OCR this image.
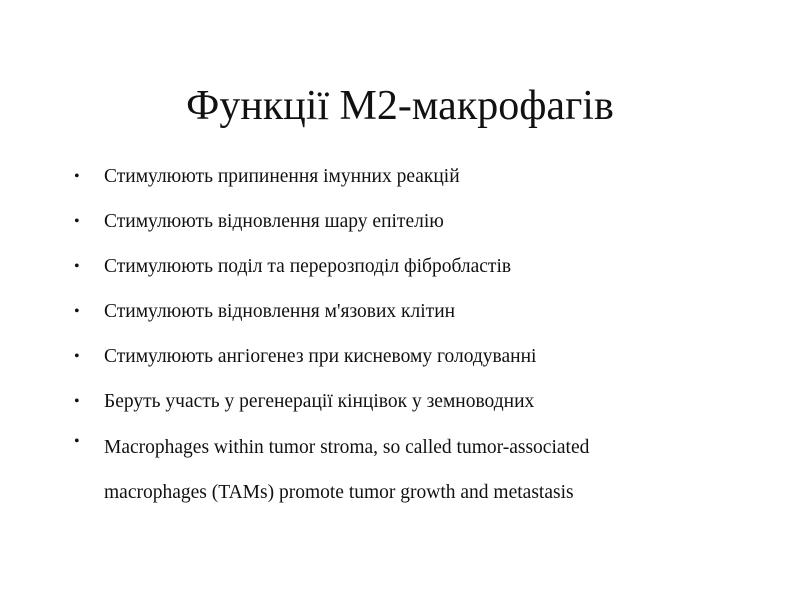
Функції М2-макрофагів
•	Стимулюють припинення імунних реакцій
•	Стимулюють відновлення шару епітелію
•	Стимулюють поділ та перерозподіл фібробластів
•	Стимулюють відновлення м'язових клітин
•	Стимулюють ангіогенез при кисневому голодуванні
•	Беруть участь у регенерації кінцівок у земноводних
•	Macrophages within tumor stroma, so called tumor-associated macrophages (TAMs) promote tumor growth and metastasis
